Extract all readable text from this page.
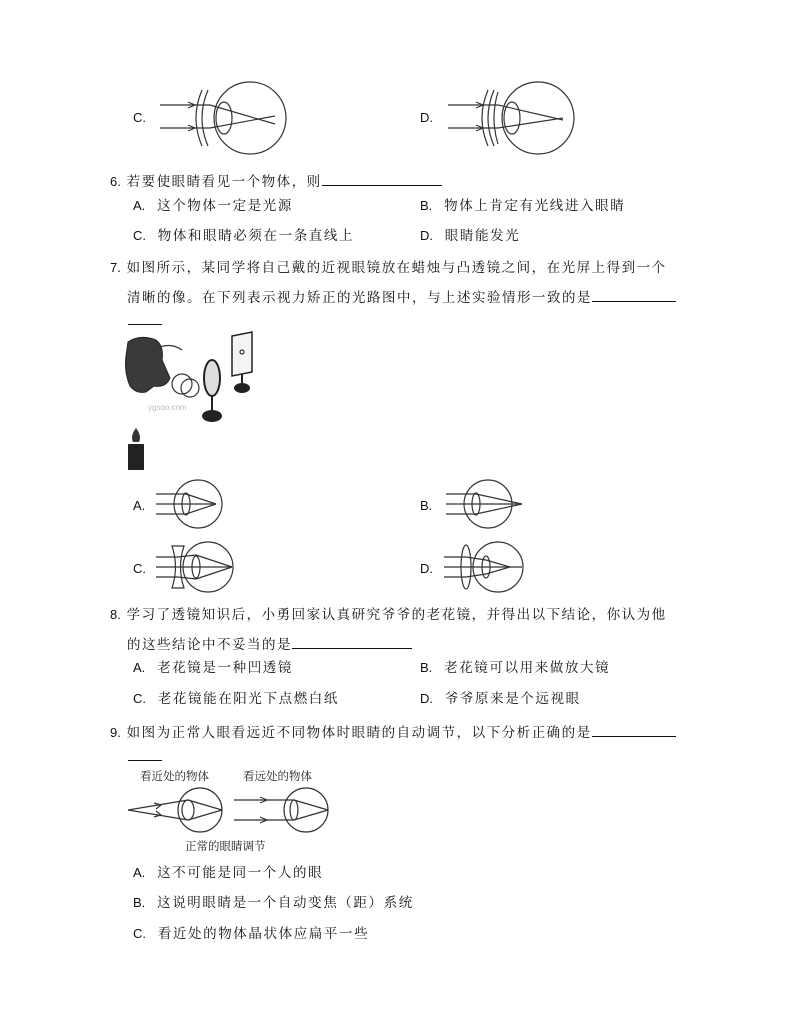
C.	D.
6. 若要使眼睛看见一个物体，则
A. 这个物体一定是光源	B. 物体上肯定有光线进入眼睛
C. 物体和眼睛必须在一条直线上	D. 眼睛能发光
7. 如图所示，某同学将自己戴的近视眼镜放在蜡烛与凸透镜之间，在光屏上得到一个
清晰的像。在下列表示视力矫正的光路图中，与上述实验情形一致的是
ygsoo.com
A.	B.
C.	D.
8. 学习了透镜知识后，小勇回家认真研究爷爷的老花镜，并得出以下结论，你认为他
的这些结论中不妥当的是
A. 老花镜是一种凹透镜	B. 老花镜可以用来做放大镜
C. 老花镜能在阳光下点燃白纸	D. 爷爷原来是个远视眼
9. 如图为正常人眼看远近不同物体时眼睛的自动调节，以下分析正确的是
看近处的物体	看远处的物体
正常的眼睛调节
A. 这不可能是同一个人的眼
B. 这说明眼睛是一个自动变焦（距）系统
C. 看近处的物体晶状体应扁平一些
